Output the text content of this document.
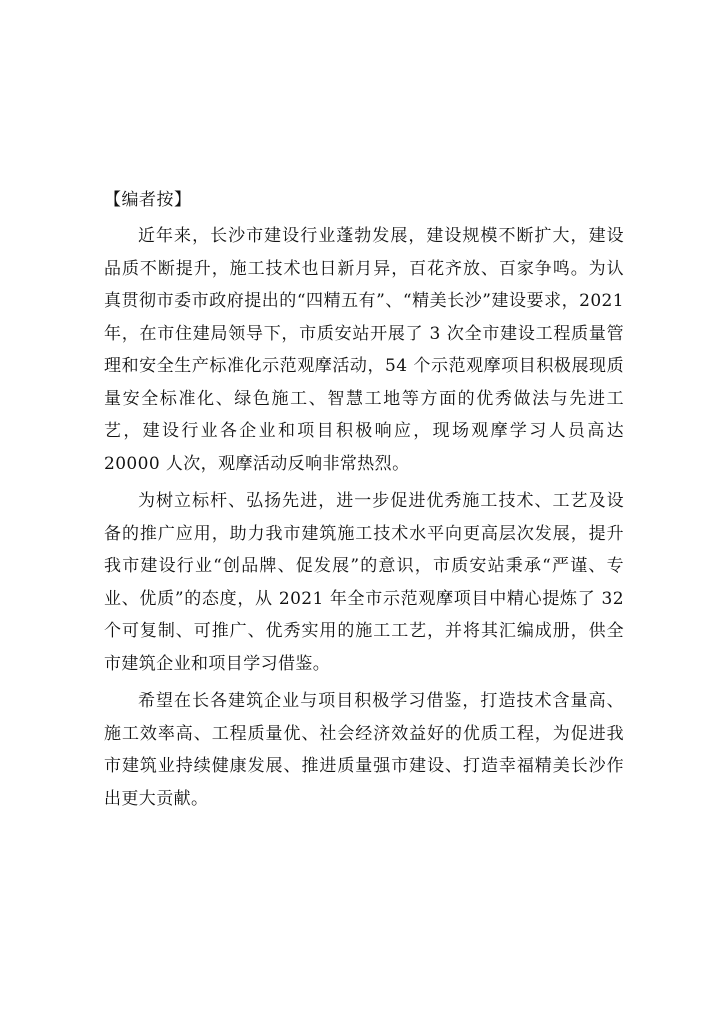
【编者按】

近年来，长沙市建设行业蓬勃发展，建设规模不断扩大，建设品质不断提升，施工技术也日新月异，百花齐放、百家争鸣。为认真贯彻市委市政府提出的“四精五有”、“精美长沙”建设要求，2021 年，在市住建局领导下，市质安站开展了 3 次全市建设工程质量管理和安全生产标准化示范观摩活动，54 个示范观摩项目积极展现质量安全标准化、绿色施工、智慧工地等方面的优秀做法与先进工艺，建设行业各企业和项目积极响应，现场观摩学习人员高达 20000 人次，观摩活动反响非常热烈。

为树立标杆、弘扬先进，进一步促进优秀施工技术、工艺及设备的推广应用，助力我市建筑施工技术水平向更高层次发展，提升我市建设行业“创品牌、促发展”的意识，市质安站秉承“严谨、专业、优质”的态度，从 2021 年全市示范观摩项目中精心提炼了 32 个可复制、可推广、优秀实用的施工工艺，并将其汇编成册，供全市建筑企业和项目学习借鉴。

希望在长各建筑企业与项目积极学习借鉴，打造技术含量高、施工效率高、工程质量优、社会经济效益好的优质工程，为促进我市建筑业持续健康发展、推进质量强市建设、打造幸福精美长沙作出更大贡献。
